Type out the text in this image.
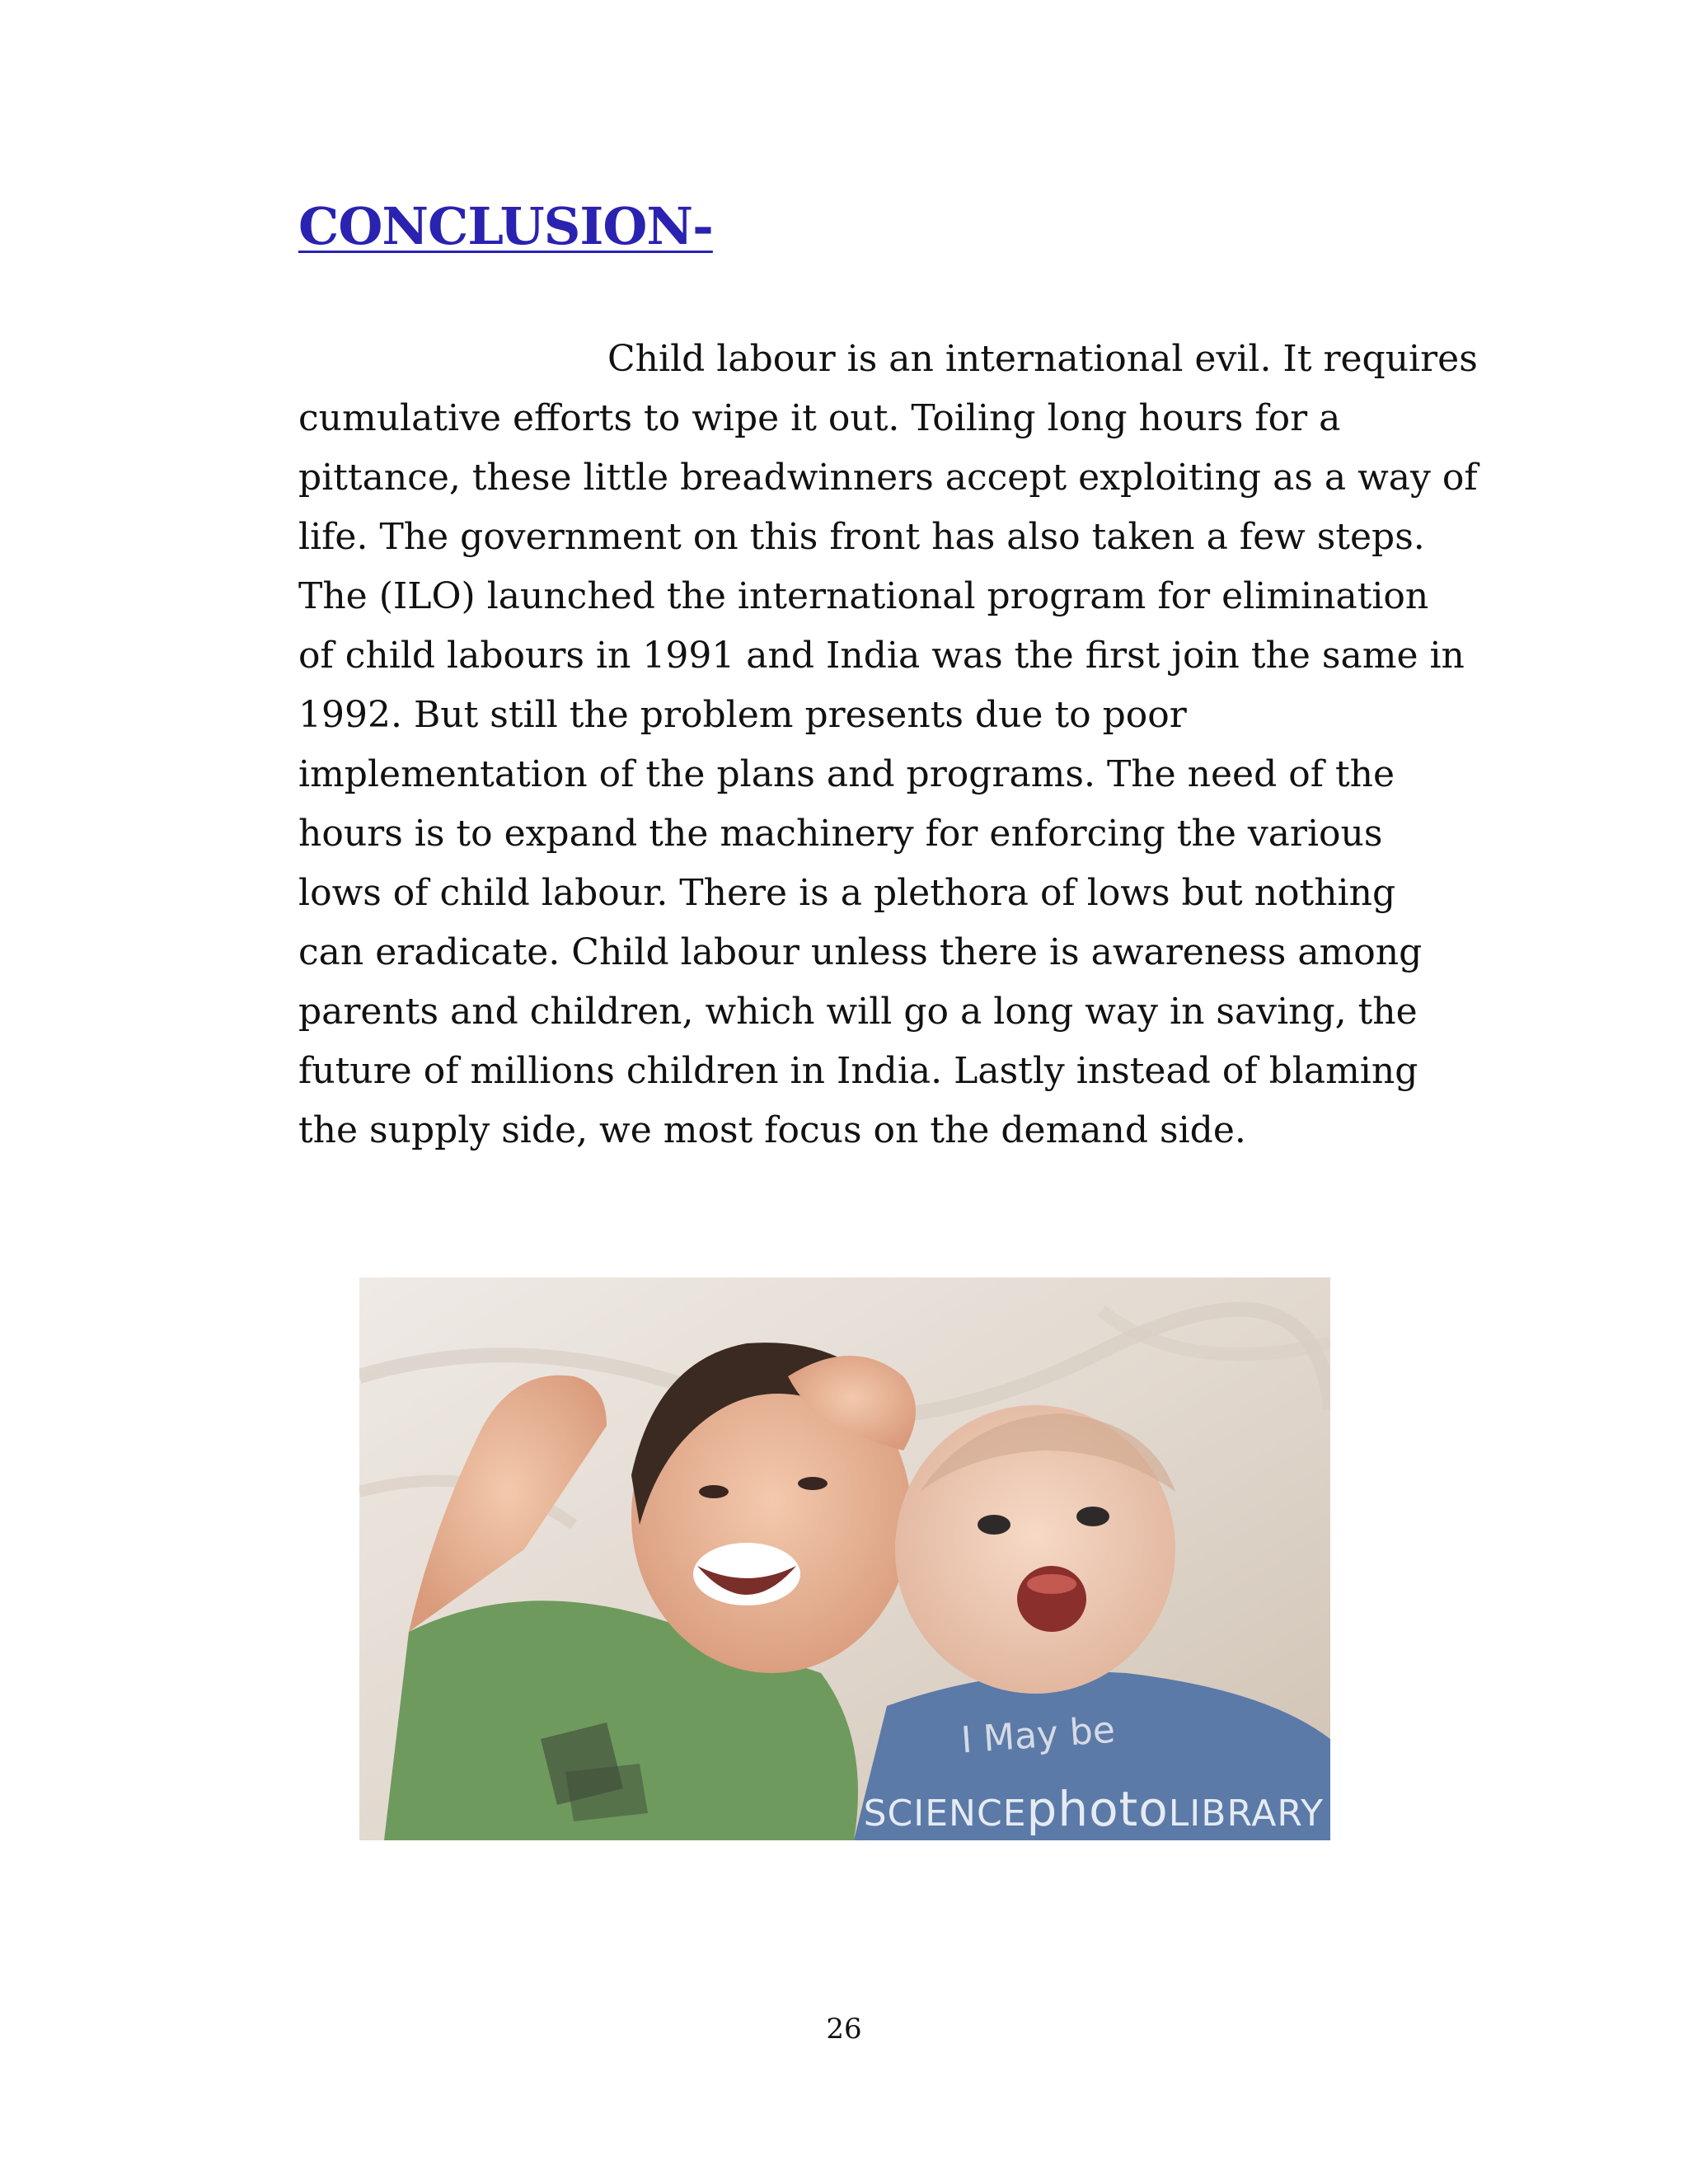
CONCLUSION-

Child labour is an international evil. It requires
cumulative efforts to wipe it out. Toiling long hours for a
pittance, these little breadwinners accept exploiting as a way of
life. The government on this front has also taken a few steps.
The (ILO) launched the international program for elimination
of child labours in 1991 and India was the first join the same in
1992. But still the problem presents due to poor
implementation of the plans and programs. The need of the
hours is to expand the machinery for enforcing the various
lows of child labour. There is a plethora of lows but nothing
can eradicate. Child labour unless there is awareness among
parents and children, which will go a long way in saving, the
future of millions children in India. Lastly instead of blaming
the supply side, we most focus on the demand side.

I May be
SCIENCEphotoLIBRARY
26
